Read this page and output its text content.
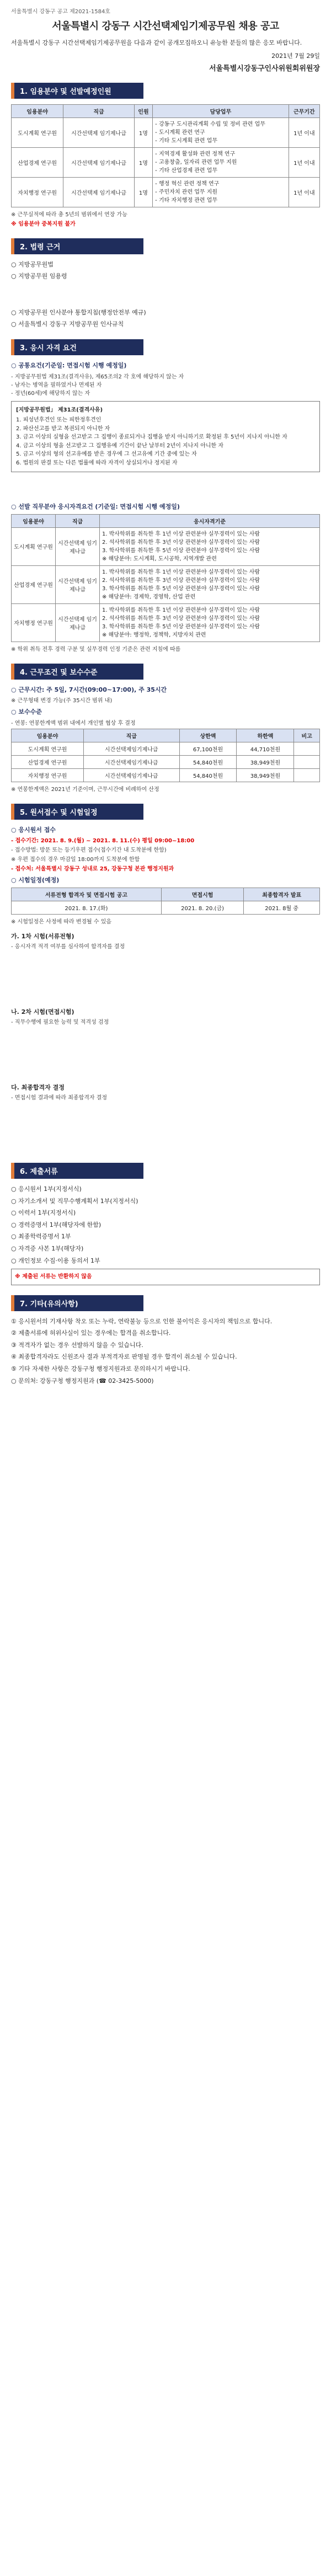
서울특별시 강동구 공고 제2021-1584호
서울특별시 강동구 시간선택제임기제공무원 채용 공고
서울특별시 강동구 시간선택제임기제공무원을 다음과 같이 공개모집하오니 유능한 분들의 많은 응모 바랍니다.
2021년 7월 29일
서울특별시강동구인사위원회위원장
1. 임용분야 및 선발예정인원
임용분야	직급	인원	담당업무	근무기간
도시계획 연구원	시간선택제 임기제나급	1명	- 강동구 도시관리계획 수립 및 정비 관련 업무
- 도시계획 관련 연구
- 기타 도시계획 관련 업무	1년 이내
산업경제 연구원	시간선택제 임기제나급	1명	- 지역경제 활성화 관련 정책 연구
- 고용창출, 일자리 관련 업무 지원
- 기타 산업경제 관련 업무	1년 이내
자치행정 연구원	시간선택제 임기제나급	1명	- 행정 혁신 관련 정책 연구
- 주민자치 관련 업무 지원
- 기타 자치행정 관련 업무	1년 이내
※ 근무실적에 따라 총 5년의 범위에서 연장 가능
※ 임용분야 중복지원 불가
2. 법령 근거
○ 지방공무원법
○ 지방공무원 임용령
○ 지방공무원 인사분야 통합지침(행정안전부 예규)
○ 서울특별시 강동구 지방공무원 인사규칙
3. 응시 자격 요건
○ 공통요건(기준일: 면접시험 시행 예정일)
- 지방공무원법 제31조(결격사유), 제65조의2 각 호에 해당하지 않는 자
- 남자는 병역을 필하였거나 면제된 자
- 정년(60세)에 해당하지 않는 자
[지방공무원법」 제31조(결격사유)
1. 피성년후견인 또는 피한정후견인
2. 파산선고를 받고 복권되지 아니한 자
3. 금고 이상의 실형을 선고받고 그 집행이 종료되거나 집행을 받지 아니하기로 확정된 후 5년이 지나지 아니한 자
4. 금고 이상의 형을 선고받고 그 집행유예 기간이 끝난 날부터 2년이 지나지 아니한 자
5. 금고 이상의 형의 선고유예를 받은 경우에 그 선고유예 기간 중에 있는 자
6. 법원의 판결 또는 다른 법률에 따라 자격이 상실되거나 정지된 자
○ 선발 직무분야 응시자격요건 (기준일: 면접시험 시행 예정일)
임용분야	직급	응시자격기준
도시계획 연구원	시간선택제 임기제나급	1. 박사학위를 취득한 후 1년 이상 관련분야 실무경력이 있는 사람
2. 석사학위를 취득한 후 3년 이상 관련분야 실무경력이 있는 사람
3. 학사학위를 취득한 후 5년 이상 관련분야 실무경력이 있는 사람
※ 해당분야: 도시계획, 도시공학, 지역개발 관련
산업경제 연구원	시간선택제 임기제나급	1. 박사학위를 취득한 후 1년 이상 관련분야 실무경력이 있는 사람
2. 석사학위를 취득한 후 3년 이상 관련분야 실무경력이 있는 사람
3. 학사학위를 취득한 후 5년 이상 관련분야 실무경력이 있는 사람
※ 해당분야: 경제학, 경영학, 산업 관련
자치행정 연구원	시간선택제 임기제나급	1. 박사학위를 취득한 후 1년 이상 관련분야 실무경력이 있는 사람
2. 석사학위를 취득한 후 3년 이상 관련분야 실무경력이 있는 사람
3. 학사학위를 취득한 후 5년 이상 관련분야 실무경력이 있는 사람
※ 해당분야: 행정학, 정책학, 지방자치 관련
※ 학위 취득 전후 경력 구분 및 실무경력 인정 기준은 관련 지침에 따름
4. 근무조건 및 보수수준
○ 근무시간: 주 5일, 7시간(09:00~17:00), 주 35시간
※ 근무형태 변경 가능(주 35시간 범위 내)
○ 보수수준
- 연봉: 연봉한계액 범위 내에서 개인별 협상 후 결정
임용분야	직급	상한액	하한액	비고
도시계획 연구원	시간선택제임기제나급	67,100천원	44,710천원	
산업경제 연구원	시간선택제임기제나급	54,840천원	38,949천원	
자치행정 연구원	시간선택제임기제나급	54,840천원	38,949천원	
※ 연봉한계액은 2021년 기준이며, 근무시간에 비례하여 산정
5. 원서접수 및 시험일정
○ 응시원서 접수
- 접수기간: 2021. 8. 9.(월) ~ 2021. 8. 11.(수) 평일 09:00~18:00
- 접수방법: 방문 또는 등기우편 접수(접수기간 내 도착분에 한함)
※ 우편 접수의 경우 마감일 18:00까지 도착분에 한함
- 접수처: 서울특별시 강동구 성내로 25, 강동구청 본관 행정지원과
○ 시험일정(예정)
서류전형 합격자 및 면접시험 공고	면접시험	최종합격자 발표
2021. 8. 17.(화)	2021. 8. 20.(금)	2021. 8월 중
※ 시험일정은 사정에 따라 변경될 수 있음
가. 1차 시험(서류전형)
- 응시자격 적격 여부를 심사하여 합격자를 결정
나. 2차 시험(면접시험)
- 직무수행에 필요한 능력 및 적격성 검정
다. 최종합격자 결정
- 면접시험 결과에 따라 최종합격자 결정
6. 제출서류
○ 응시원서 1부(지정서식)
○ 자기소개서 및 직무수행계획서 1부(지정서식)
○ 이력서 1부(지정서식)
○ 경력증명서 1부(해당자에 한함)
○ 최종학력증명서 1부
○ 자격증 사본 1부(해당자)
○ 개인정보 수집·이용 동의서 1부
※ 제출된 서류는 반환하지 않음
7. 기타(유의사항)
① 응시원서의 기재사항 착오 또는 누락, 연락불능 등으로 인한 불이익은 응시자의 책임으로 합니다.
② 제출서류에 허위사실이 있는 경우에는 합격을 취소합니다.
③ 적격자가 없는 경우 선발하지 않을 수 있습니다.
④ 최종합격자라도 신원조사 결과 부적격자로 판명될 경우 합격이 취소될 수 있습니다.
⑤ 기타 자세한 사항은 강동구청 행정지원과로 문의하시기 바랍니다.
○ 문의처: 강동구청 행정지원과 (☎ 02-3425-5000)
